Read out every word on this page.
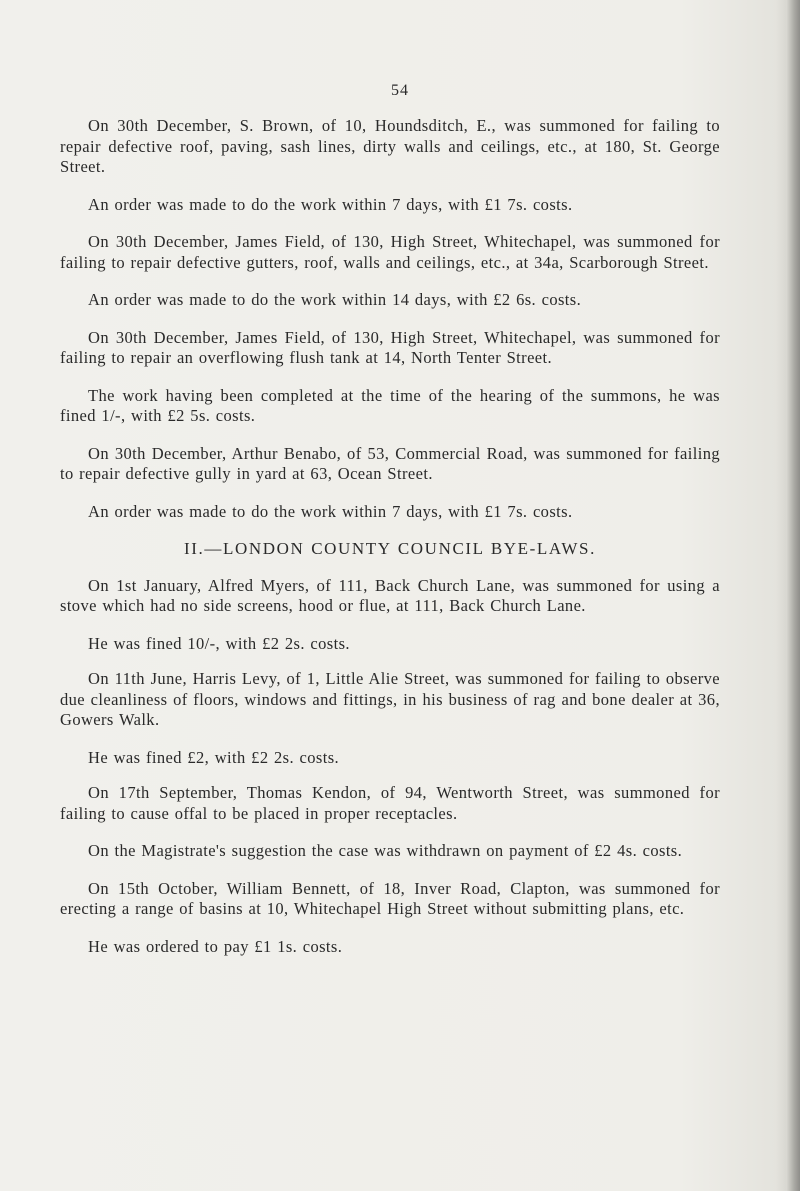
54

On 30th December, S. Brown, of 10, Houndsditch, E., was summoned for failing to repair defective roof, paving, sash lines, dirty walls and ceilings, etc., at 180, St. George Street.

An order was made to do the work within 7 days, with £1 7s. costs.

On 30th December, James Field, of 130, High Street, Whitechapel, was summoned for failing to repair defective gutters, roof, walls and ceilings, etc., at 34a, Scarborough Street.

An order was made to do the work within 14 days, with £2 6s. costs.

On 30th December, James Field, of 130, High Street, Whitechapel, was summoned for failing to repair an overflowing flush tank at 14, North Tenter Street.

The work having been completed at the time of the hearing of the summons, he was fined 1/-, with £2 5s. costs.

On 30th December, Arthur Benabo, of 53, Commercial Road, was summoned for failing to repair defective gully in yard at 63, Ocean Street.

An order was made to do the work within 7 days, with £1 7s. costs.

II.—LONDON COUNTY COUNCIL BYE-LAWS.

On 1st January, Alfred Myers, of 111, Back Church Lane, was summoned for using a stove which had no side screens, hood or flue, at 111, Back Church Lane.

He was fined 10/-, with £2 2s. costs.

On 11th June, Harris Levy, of 1, Little Alie Street, was summoned for failing to observe due cleanliness of floors, windows and fittings, in his business of rag and bone dealer at 36, Gowers Walk.

He was fined £2, with £2 2s. costs.

On 17th September, Thomas Kendon, of 94, Wentworth Street, was summoned for failing to cause offal to be placed in proper receptacles.

On the Magistrate's suggestion the case was withdrawn on payment of £2 4s. costs.

On 15th October, William Bennett, of 18, Inver Road, Clapton, was summoned for erecting a range of basins at 10, Whitechapel High Street without submitting plans, etc.

He was ordered to pay £1 1s. costs.
